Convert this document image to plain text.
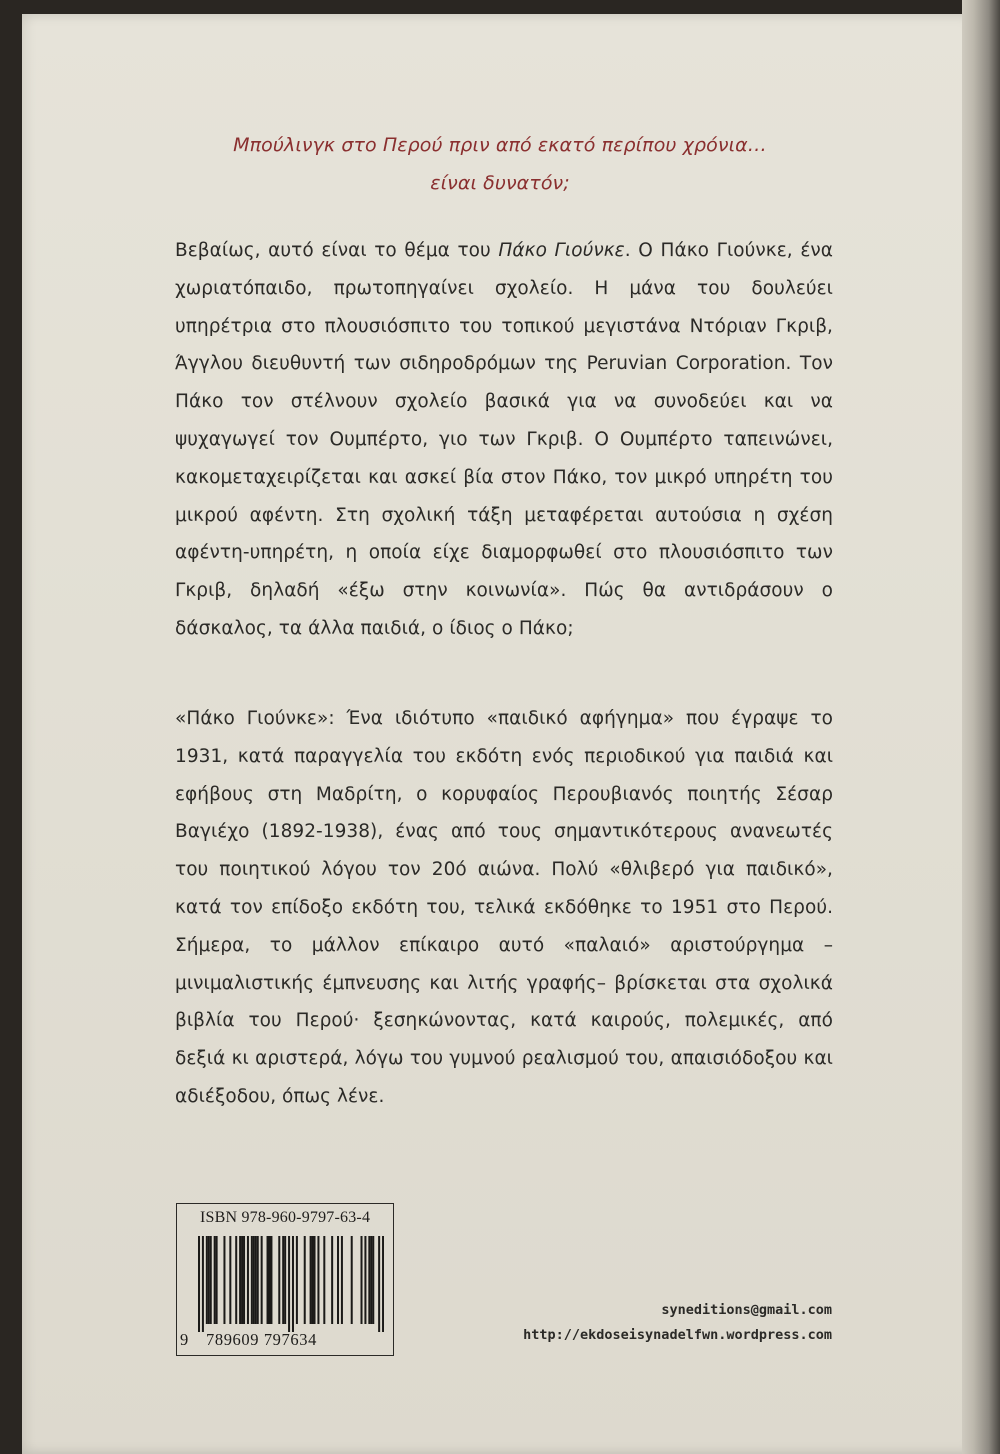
Μπούλινγκ στο Περού πριν από εκατό περίπου χρόνια…
είναι δυνατόν;
Βεβαίως, αυτό είναι το θέμα του Πάκο Γιούνκε. Ο Πάκο Γιούνκε, ένα χωριατόπαιδο, πρωτοπηγαίνει σχολείο. Η μάνα του δουλεύει υπηρέτρια στο πλουσιόσπιτο του τοπικού μεγιστάνα Ντόριαν Γκριβ, Άγγλου διευθυντή των σιδηροδρόμων της Peruvian Corporation. Τον Πάκο τον στέλνουν σχολείο βασικά για να συνοδεύει και να ψυχαγωγεί τον Ουμπέρτο, γιο των Γκριβ. Ο Ουμπέρτο ταπεινώνει, κακομεταχειρίζεται και ασκεί βία στον Πάκο, τον μικρό υπηρέτη του μικρού αφέντη. Στη σχολική τάξη μεταφέρεται αυτούσια η σχέση αφέντη-υπηρέτη, η οποία είχε διαμορφωθεί στο πλουσιόσπιτο των Γκριβ, δηλαδή «έξω στην κοινωνία». Πώς θα αντιδράσουν ο δάσκαλος, τα άλλα παιδιά, ο ίδιος ο Πάκο;
«Πάκο Γιούνκε»: Ένα ιδιότυπο «παιδικό αφήγημα» που έγραψε το 1931, κατά παραγγελία του εκδότη ενός περιοδικού για παιδιά και εφήβους στη Μαδρίτη, ο κορυφαίος Περουβιανός ποιητής Σέσαρ Βαγιέχο (1892-1938), ένας από τους σημαντικότερους ανανεωτές του ποιητικού λόγου τον 20ό αιώνα. Πολύ «θλιβερό για παιδικό», κατά τον επίδοξο εκδότη του, τελικά εκδόθηκε το 1951 στο Περού. Σήμερα, το μάλλον επίκαιρο αυτό «παλαιό» αριστούργημα –μινιμαλιστικής έμπνευσης και λιτής γραφής– βρίσκεται στα σχολικά βιβλία του Περού· ξεσηκώνοντας, κατά καιρούς, πολεμικές, από δεξιά κι αριστερά, λόγω του γυμνού ρεαλισμού του, απαισιόδοξου και αδιέξοδου, όπως λένε.
ISBN 978-960-9797-63-4
9 789609 797634
syneditions@gmail.com
http://ekdoseisynadelfwn.wordpress.com
